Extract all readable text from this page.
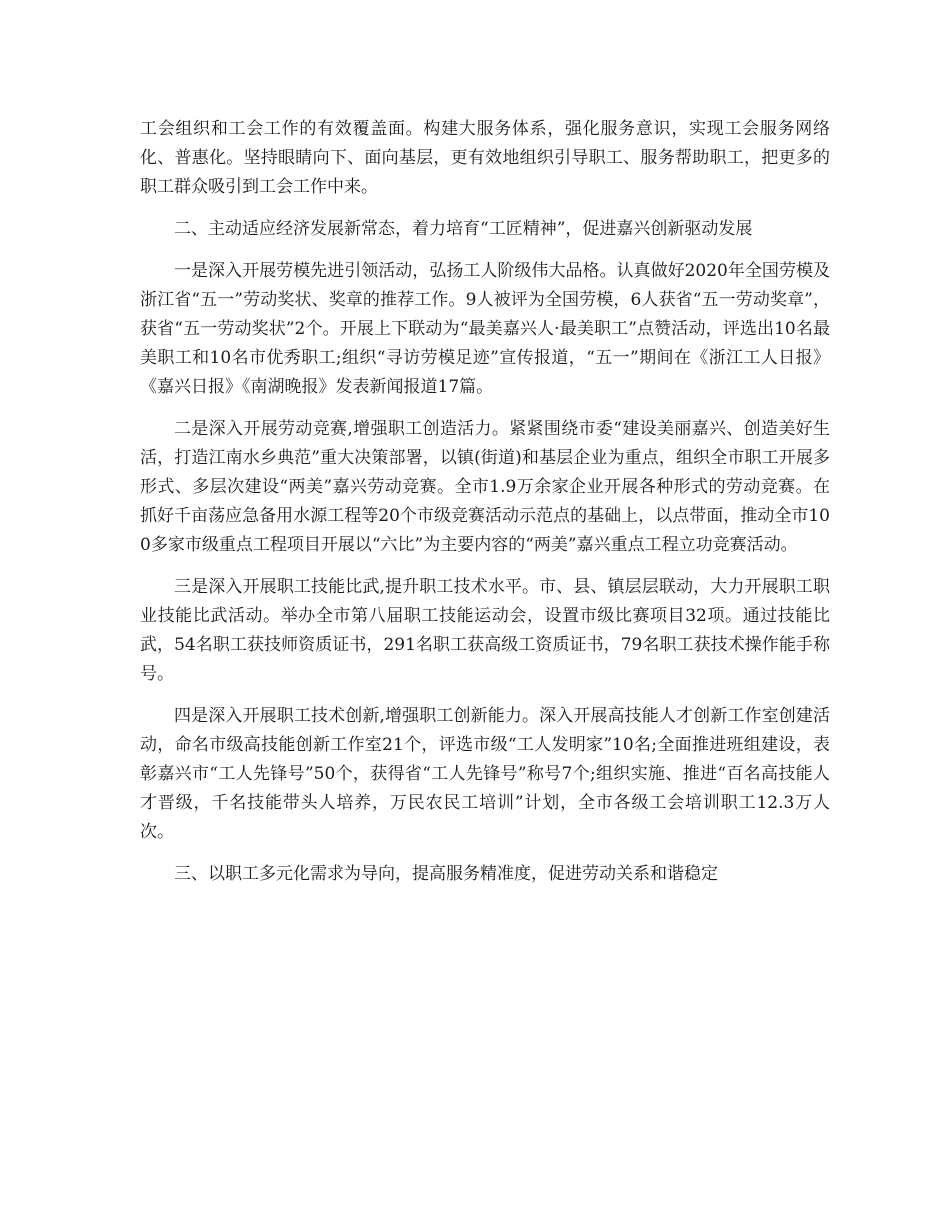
工会组织和工会工作的有效覆盖面。构建大服务体系，强化服务意识，实现工会服务网络化、普惠化。坚持眼睛向下、面向基层，更有效地组织引导职工、服务帮助职工，把更多的职工群众吸引到工会工作中来。

二、主动适应经济发展新常态，着力培育“工匠精神”，促进嘉兴创新驱动发展

一是深入开展劳模先进引领活动，弘扬工人阶级伟大品格。认真做好2020年全国劳模及浙江省“五一”劳动奖状、奖章的推荐工作。9人被评为全国劳模，6人获省“五一劳动奖章”，获省“五一劳动奖状”2个。开展上下联动为“最美嘉兴人·最美职工”点赞活动，评选出10名最美职工和10名市优秀职工;组织“寻访劳模足迹”宣传报道，“五一”期间在《浙江工人日报》《嘉兴日报》《南湖晚报》发表新闻报道17篇。

二是深入开展劳动竞赛,增强职工创造活力。紧紧围绕市委“建设美丽嘉兴、创造美好生活，打造江南水乡典范”重大决策部署，以镇(街道)和基层企业为重点，组织全市职工开展多形式、多层次建设“两美”嘉兴劳动竞赛。全市1.9万余家企业开展各种形式的劳动竞赛。在抓好千亩荡应急备用水源工程等20个市级竞赛活动示范点的基础上，以点带面，推动全市100多家市级重点工程项目开展以“六比”为主要内容的“两美”嘉兴重点工程立功竞赛活动。

三是深入开展职工技能比武,提升职工技术水平。市、县、镇层层联动，大力开展职工职业技能比武活动。举办全市第八届职工技能运动会，设置市级比赛项目32项。通过技能比武，54名职工获技师资质证书，291名职工获高级工资质证书，79名职工获技术操作能手称号。

四是深入开展职工技术创新,增强职工创新能力。深入开展高技能人才创新工作室创建活动，命名市级高技能创新工作室21个，评选市级“工人发明家”10名;全面推进班组建设，表彰嘉兴市“工人先锋号”50个，获得省“工人先锋号”称号7个;组织实施、推进“百名高技能人才晋级，千名技能带头人培养，万民农民工培训”计划，全市各级工会培训职工12.3万人次。

三、以职工多元化需求为导向，提高服务精准度，促进劳动关系和谐稳定
